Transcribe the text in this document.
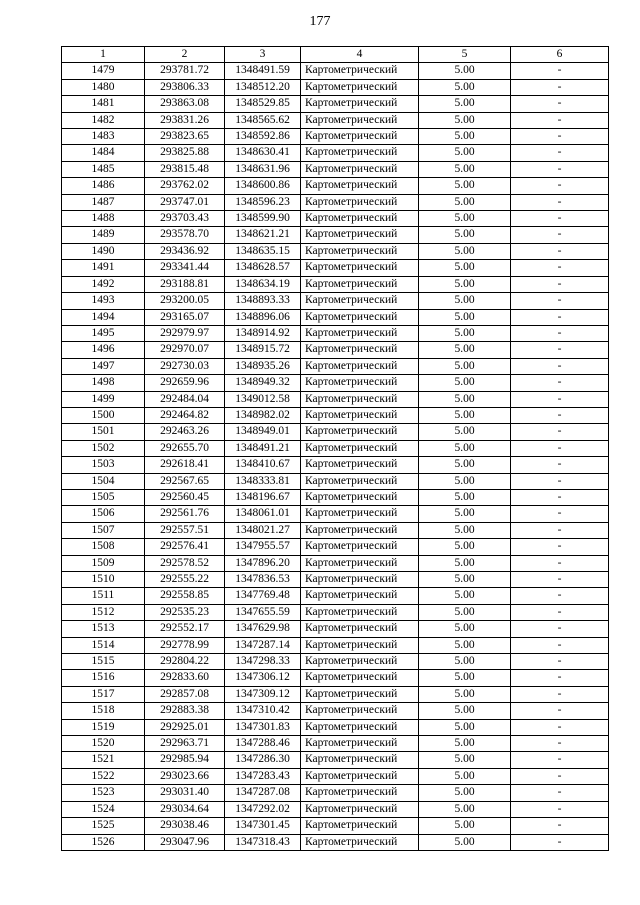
177
1	2	3	4	5	6
1479	293781.72	1348491.59	Картометрический	5.00	-
1480	293806.33	1348512.20	Картометрический	5.00	-
1481	293863.08	1348529.85	Картометрический	5.00	-
1482	293831.26	1348565.62	Картометрический	5.00	-
1483	293823.65	1348592.86	Картометрический	5.00	-
1484	293825.88	1348630.41	Картометрический	5.00	-
1485	293815.48	1348631.96	Картометрический	5.00	-
1486	293762.02	1348600.86	Картометрический	5.00	-
1487	293747.01	1348596.23	Картометрический	5.00	-
1488	293703.43	1348599.90	Картометрический	5.00	-
1489	293578.70	1348621.21	Картометрический	5.00	-
1490	293436.92	1348635.15	Картометрический	5.00	-
1491	293341.44	1348628.57	Картометрический	5.00	-
1492	293188.81	1348634.19	Картометрический	5.00	-
1493	293200.05	1348893.33	Картометрический	5.00	-
1494	293165.07	1348896.06	Картометрический	5.00	-
1495	292979.97	1348914.92	Картометрический	5.00	-
1496	292970.07	1348915.72	Картометрический	5.00	-
1497	292730.03	1348935.26	Картометрический	5.00	-
1498	292659.96	1348949.32	Картометрический	5.00	-
1499	292484.04	1349012.58	Картометрический	5.00	-
1500	292464.82	1348982.02	Картометрический	5.00	-
1501	292463.26	1348949.01	Картометрический	5.00	-
1502	292655.70	1348491.21	Картометрический	5.00	-
1503	292618.41	1348410.67	Картометрический	5.00	-
1504	292567.65	1348333.81	Картометрический	5.00	-
1505	292560.45	1348196.67	Картометрический	5.00	-
1506	292561.76	1348061.01	Картометрический	5.00	-
1507	292557.51	1348021.27	Картометрический	5.00	-
1508	292576.41	1347955.57	Картометрический	5.00	-
1509	292578.52	1347896.20	Картометрический	5.00	-
1510	292555.22	1347836.53	Картометрический	5.00	-
1511	292558.85	1347769.48	Картометрический	5.00	-
1512	292535.23	1347655.59	Картометрический	5.00	-
1513	292552.17	1347629.98	Картометрический	5.00	-
1514	292778.99	1347287.14	Картометрический	5.00	-
1515	292804.22	1347298.33	Картометрический	5.00	-
1516	292833.60	1347306.12	Картометрический	5.00	-
1517	292857.08	1347309.12	Картометрический	5.00	-
1518	292883.38	1347310.42	Картометрический	5.00	-
1519	292925.01	1347301.83	Картометрический	5.00	-
1520	292963.71	1347288.46	Картометрический	5.00	-
1521	292985.94	1347286.30	Картометрический	5.00	-
1522	293023.66	1347283.43	Картометрический	5.00	-
1523	293031.40	1347287.08	Картометрический	5.00	-
1524	293034.64	1347292.02	Картометрический	5.00	-
1525	293038.46	1347301.45	Картометрический	5.00	-
1526	293047.96	1347318.43	Картометрический	5.00	-
